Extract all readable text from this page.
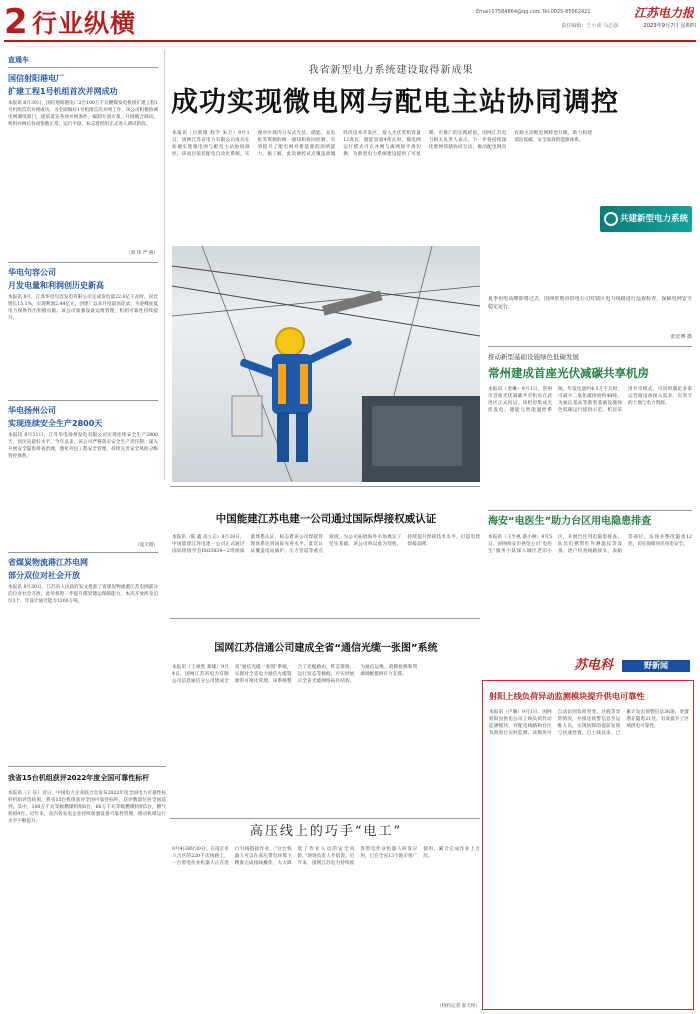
2 行业纵横	Email:07584864@qq.com Tel:0025-85062421
责任编辑：王小成 马志强
江苏电力报
2023年9月7日 星期四
直通车
国信射阳港电厂
扩建工程1号机组首次并网成功
本报讯 8月30日，国信射阳港电厂2台100万千瓦燃煤发电机组扩建工程1号机组首次并网成功。为全面做好1号机组首次并网工作，该公司积极协调电网调度部门，提前落实各项并网条件，编制专项方案，开展联合调试。机组并网后各项参数正常，运行平稳，标志着机组正式进入调试阶段。
（周 伟 严 燕）
华电句容公司
月发电量和利润创历史新高
本报讯 8月，江苏华电句容发电有限公司完成发电量22.8亿千瓦时，同比增长15.1%，实现利润2.44亿元，创建厂以来月度最高纪录，为迎峰度夏电力保供作出积极贡献。该公司加强设备运维管理，机组可靠性持续提升。
华电扬州公司
实现连续安全生产2800天
本报讯 8月31日，江苏华电扬州发电有限公司实现连续安全生产2800天，创历史最好水平。今年以来，该公司严格落实安全生产责任制，深入开展安全隐患排查治理，强化外包工程安全管理，持续完善安全风险分级管控体系。
（夏天翔）
省煤炭物流港江苏电网
部分双位对社会开放
本报讯 8月30日，江苏省人民政府发文批准了省煤炭物流港江苏电网部分泊位对社会开放，此举将进一步提升煤炭储运保障能力。本次开放涉及泊位3个，年设计通过能力1200万吨。
我省新型电力系统建设取得新成果
成功实现微电网与配电主站协同调控
本报讯（吕新维 程学 朱卫）9月1日，国网江苏省电力有限公司成功在盐城实现微电网与配电主站协同调控。该项目依托配电自动化系统，实现对区域内分布式光伏、储能、充电桩等资源的统一感知和协同控制，有效提升了配电网对新能源的消纳能力。据了解，此次调控试点覆盖盐城经济技术开发区，接入光伏装机容量12兆瓦，储能容量4兆瓦时。微电网运行模式可在并网与离网间平滑切换，为新型电力系统建设提供了可复制、可推广的实践经验。国网江苏电力相关负责人表示，下一步将持续深化源网荷储协同互动，推动配电网向有源主动配电网转型升级，助力构建清洁低碳、安全高效的能源体系。
共建新型电力系统
夏季用电高峰即将过去，国网常熟市供电公司对辖区电力线路进行巡视检查，保障电网安全稳定运行。
张宏博 摄
推动新型基础设施绿色低碳发展
常州建成首座光伏减碳共享机房
本报讯（金琳）9月1日，常州市首座光伏减碳共享机房在武进区正式投运。该机房集成光伏发电、储能与智能温控系统，年发电量约4.5万千瓦时，可减少二氧化碳排放约40吨，为通信基站等新型基础设施绿色低碳运行提供示范。机房采用共享模式，可同时满足多家运营商设备接入需求，有效节约土地与电力资源。
海安“电医生”助力台区用电隐患排查
本报讯（王亨惠 蔡小林）9月5日，国网海安市供电公司“电医生”服务小队深入城区老旧小区，开展台区用电隐患排查。队员们携带红外测温仪等设备，逐户检查线路接头、表箱等部位，发现并整改隐患12处，切实保障居民用电安全。
苏电科	野新闻
射阳上线负荷异动监测模块提升供电可靠性
本报讯（卢璐）9月1日，国网射阳县供电公司上线负荷异动监测模块，对配电线路和台区负荷进行实时监测。该模块可自动识别负荷突变、过载等异常情况，并推送预警信息至运维人员，实现故障的提前发现与快速处置。自上线以来，已累计发出预警信息36条，处置潜在隐患21处，有效提升了区域供电可靠性。
中国能建江苏电建一公司通过国际焊接权威认证
本报讯（陈 鑫 高立志）8月28日，中国能建江苏电建一公司正式通过国际焊接学会ISO3834—2焊接质量体系认证，标志着该公司焊接管理体系达到国际先进水平。此次认证覆盖电站锅炉、压力管道等重点领域，为公司拓展海外市场奠定了坚实基础。该公司将以此为契机，持续提升焊接技术水平，打造电建焊接品牌。
国网江苏信通公司建成全省“通信光缆一张图”系统
本报讯（王翠然 郑雄）9月4日，国网江苏省电力有限公司信息通信分公司建成全省“通信光缆一张图”系统，实现对全省电力通信光缆资源的可视化管理。该系统整合了光缆路由、纤芯资源、运行状态等数据，可实时展示全省光缆网络拓扑结构，为通信运维、故障抢修和资源调配提供有力支撑。
高压线上的巧手“电工”
9月4日8时30分，在南京市六合区的220千伏线路上，一台带电作业机器人正在进行引线搭接作业。“这台机器人可以在高压带电环境下精准完成接线操作，大大降低了作业人员的安全风险。”现场负责人介绍说。近年来，国网江苏电力持续推进带电作业机器人研发应用，已在全省13个地市推广使用，累计完成作业上万次。
（特约记者 张天纬）
我省15台机组获评2022年度全国可靠性标杆
本报讯（王 钰）近日，中国电力企业联合会发布2022年度全国电力可靠性标杆机组评选结果，我省15台机组获评全国可靠性标杆，获评数量位居全国前列。其中，100万千瓦等级燃煤机组6台，60万千瓦等级燃煤机组5台，燃气机组4台。近年来，省内各发电企业持续加强设备可靠性管理，推动机组运行水平不断提升。
